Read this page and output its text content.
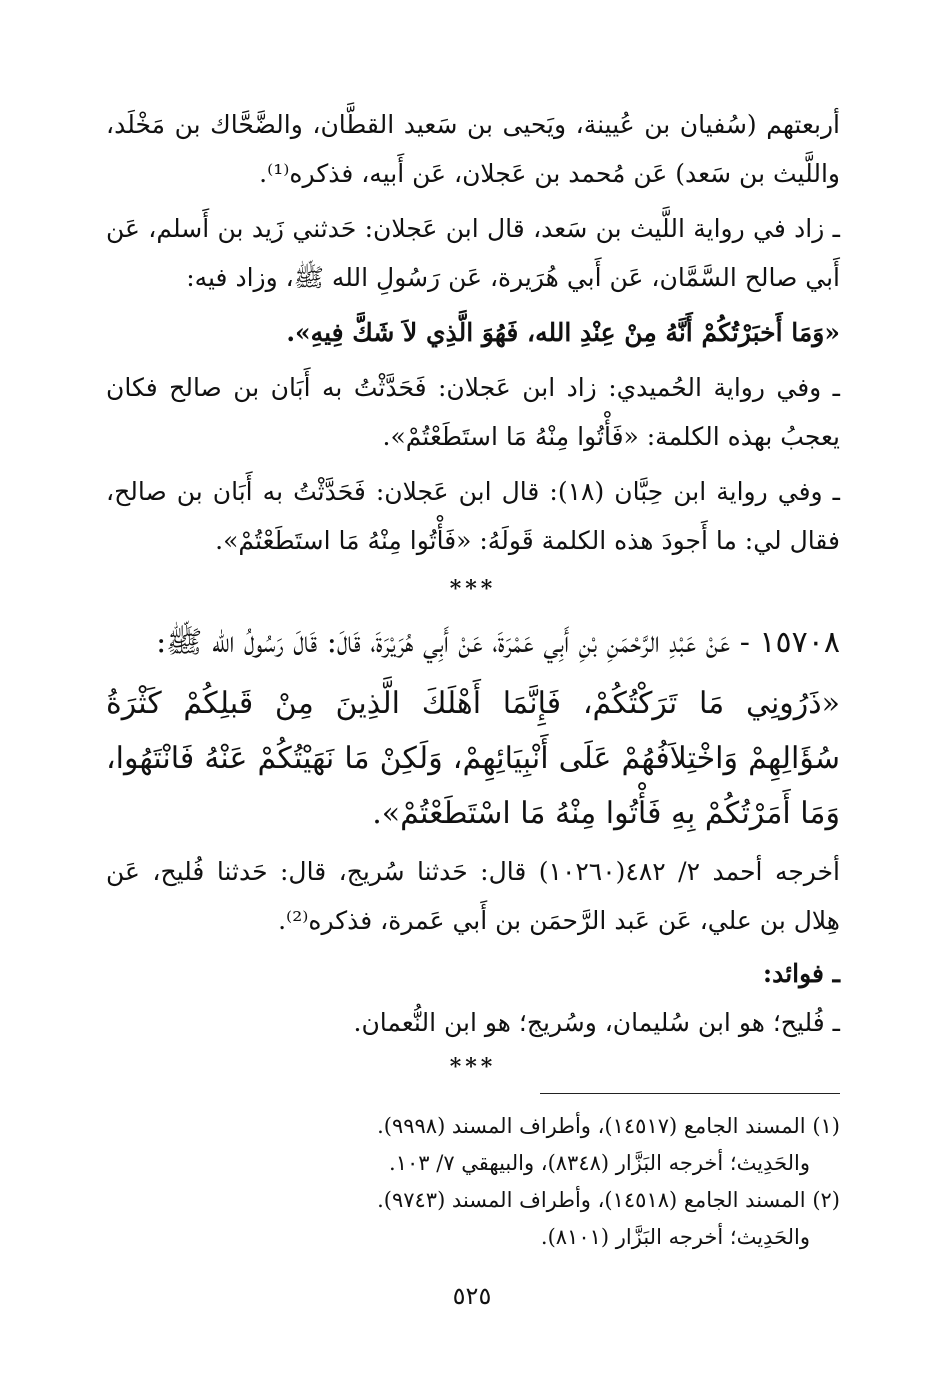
أربعتهم (سُفيان بن عُيينة، ويَحيى بن سَعيد القطَّان، والضَّحَّاك بن مَخْلَد، واللَّيث بن سَعد) عَن مُحمد بن عَجلان، عَن أَبيه، فذكره⁽¹⁾.

ـ زاد في رواية اللَّيث بن سَعد، قال ابن عَجلان: حَدثني زَيد بن أَسلم، عَن أَبي صالح السَّمَّان، عَن أَبي هُرَيرة، عَن رَسُولِ الله ﷺ، وزاد فيه:

«وَمَا أَخبَرْتُكُمْ أَنَّهُ مِنْ عِنْدِ الله، فَهُوَ الَّذِي لاَ شَكَّ فِيهِ».

ـ وفي رواية الحُميدي: زاد ابن عَجلان: فَحَدَّثْتُ به أَبَان بن صالح فكان يعجبُ بهذه الكلمة: «فَأْتُوا مِنْهُ مَا استَطَعْتُمْ».

ـ وفي رواية ابن حِبَّان (١٨): قال ابن عَجلان: فَحَدَّثْتُ به أَبَان بن صالح، فقال لي: ما أَجودَ هذه الكلمة قَولَهُ: «فَأْتُوا مِنْهُ مَا استَطَعْتُمْ».

***

١٥٧٠٨ - عَنْ عَبْدِ الرَّحْمَنِ بْنِ أَبِي عَمْرَةَ، عَنْ أَبِي هُرَيْرَةَ، قَالَ: قَالَ رَسُولُ الله ﷺ:

«ذَرُونِي مَا تَرَكْتُكُمْ، فَإِنَّمَا أَهْلَكَ الَّذِينَ مِنْ قَبلِكُمْ كَثْرَةُ سُؤَالِهِمْ وَاخْتِلاَفُهُمْ عَلَى أَنْبِيَائِهِمْ، وَلَكِنْ مَا نَهَيْتُكُمْ عَنْهُ فَانْتَهُوا، وَمَا أَمَرْتُكُمْ بِهِ فَأْتُوا مِنْهُ مَا اسْتَطَعْتُمْ».

أخرجه أحمد ٢/ ٤٨٢(١٠٢٦٠) قال: حَدثنا سُريج، قال: حَدثنا فُليح، عَن هِلال بن علي، عَن عَبد الرَّحمَن بن أَبي عَمرة، فذكره⁽²⁾.

ـ فوائد:

ـ فُليح؛ هو ابن سُليمان، وسُريج؛ هو ابن النُّعمان.

***

(١) المسند الجامع (١٤٥١٧)، وأطراف المسند (٩٩٩٨).

والحَدِيث؛ أخرجه البَزَّار (٨٣٤٨)، والبيهقي ٧/ ١٠٣.

(٢) المسند الجامع (١٤٥١٨)، وأطراف المسند (٩٧٤٣).

والحَدِيث؛ أخرجه البَزَّار (٨١٠١).

٥٢٥
